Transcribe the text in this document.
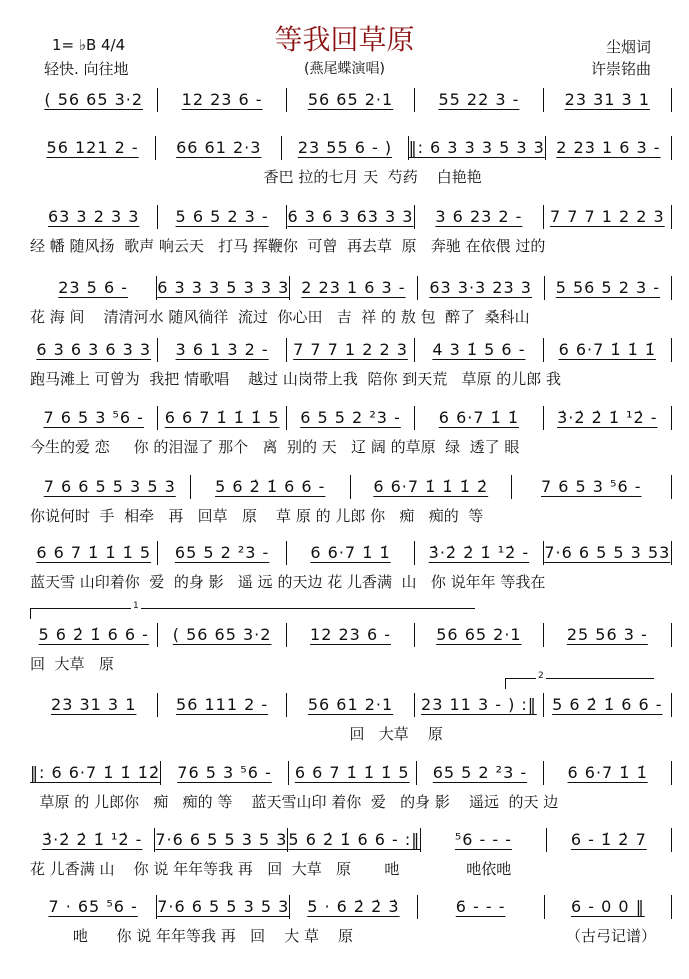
等我回草原
1= ♭B 4/4
轻快. 向往地	(燕尾蝶演唱)
尘烟词
许崇铭曲
( 56 65 3·2	12 23 6 -	56 65 2·1	55 22 3 -	23 31 3 1
56 121 2 -	66 61 2·3	23 55 6 - )	‖: 6 3 3 3 5 3 3 2 23 1 6 3 -
香巴 拉的七月 天  芍药    白艳艳
63 3 2 3 3	5 6 5 2 3 -	6 3 6 3 63 3 3	3 6 23 2 -	7 7 7 1 2 2 3
经 幡 随风扬  歌声 响云天   打马 挥鞭你  可曾  再去草  原   奔驰 在依偎 过的
23 5 6 -	6 3 3 3 5 3 3 3 2 23 1 6 3 -	63 3·3 23 3	5 56 5 2 3 -
花 海 间    清清河水 随风徜徉  流过  你心田   吉  祥 的 敖 包  醉了  桑科山
6 3 6 3 6 3 3	3 6 1 3 2 -	7 7 7 1 2 2 3	4 3 1̇ 5 6 -	6 6·7 1̇ 1̇ 1̇
跑马滩上 可曾为  我把 情歌唱    越过 山岗带上我  陪你 到天荒   草原 的儿郎 我
7 6 5 3 ⁵6 -	6 6 7 1̇ 1̇ 1̇ 5	6 5 5 2 ²3 -	6 6·7 1̇ 1̇	3̇·2̇ 2̇ 1̇ ¹2̇ -
今生的爱 恋     你 的泪湿了 那个   离  别的 天   辽 阔 的草原  绿  透了 眼
7 6 6 5 5 3 5 3	5 6 2̇ 1̇ 6 6 -	6 6·7 1̇ 1̇ 1̇ 2̇	7 6 5 3 ⁵6 -
你说何时  手  相牵   再   回草   原    草 原 的 儿郎 你   痴   痴的  等
6 6 7 1̇ 1̇ 1̇ 5	65 5 2 ²3 -	6 6·7 1̇ 1̇	3̇·2̇ 2̇ 1̇ ¹2̇ - 7·6 6 5 5 3 53
蓝天雪 山印着你  爱  的身 影   遥 远 的天边 花 儿香满  山   你 说年年 等我在
5 6 2̇ 1̇ 6 6 -	( 56 65 3·2	12 23 6 -	56 65 2·1	25 56 3 -
回  大草   原
23 31 3 1	56 111 2 -	56 61 2·1	23 11 3 - ) :‖ 5 6 2̇ 1̇ 6 6 -
回   大草    原
‖: 6 6·7 1̇ 1̇ 1̇2̇	76 5 3 ⁵6 -	6 6 7 1̇ 1̇ 1̇ 5	65 5 2 ²3 -	6 6·7 1̇ 1̇
草原 的 儿郎你   痴   痴的 等    蓝天雪山印 着你  爱   的身 影    遥远  的天 边
3̇·2̇ 2̇ 1̇ ¹2̇ - 7·6 6 5 5 3 5 3 5 6 2̇ 1̇ 6 6 - :‖	⁵6 - - -	6 - 1̇ 2̇ 7
花 儿香满 山    你 说 年年等我 再   回  大草   原       吔              吔依吔
7 · 65 ⁵6 -	7·6 6 5 5 3 5 3	5 · 6 2̇ 2̇ 3̇	6 - - -	6 - 0 0 ‖
吔      你 说 年年等我 再   回    大 草    原
1
2
（古弓记谱）
